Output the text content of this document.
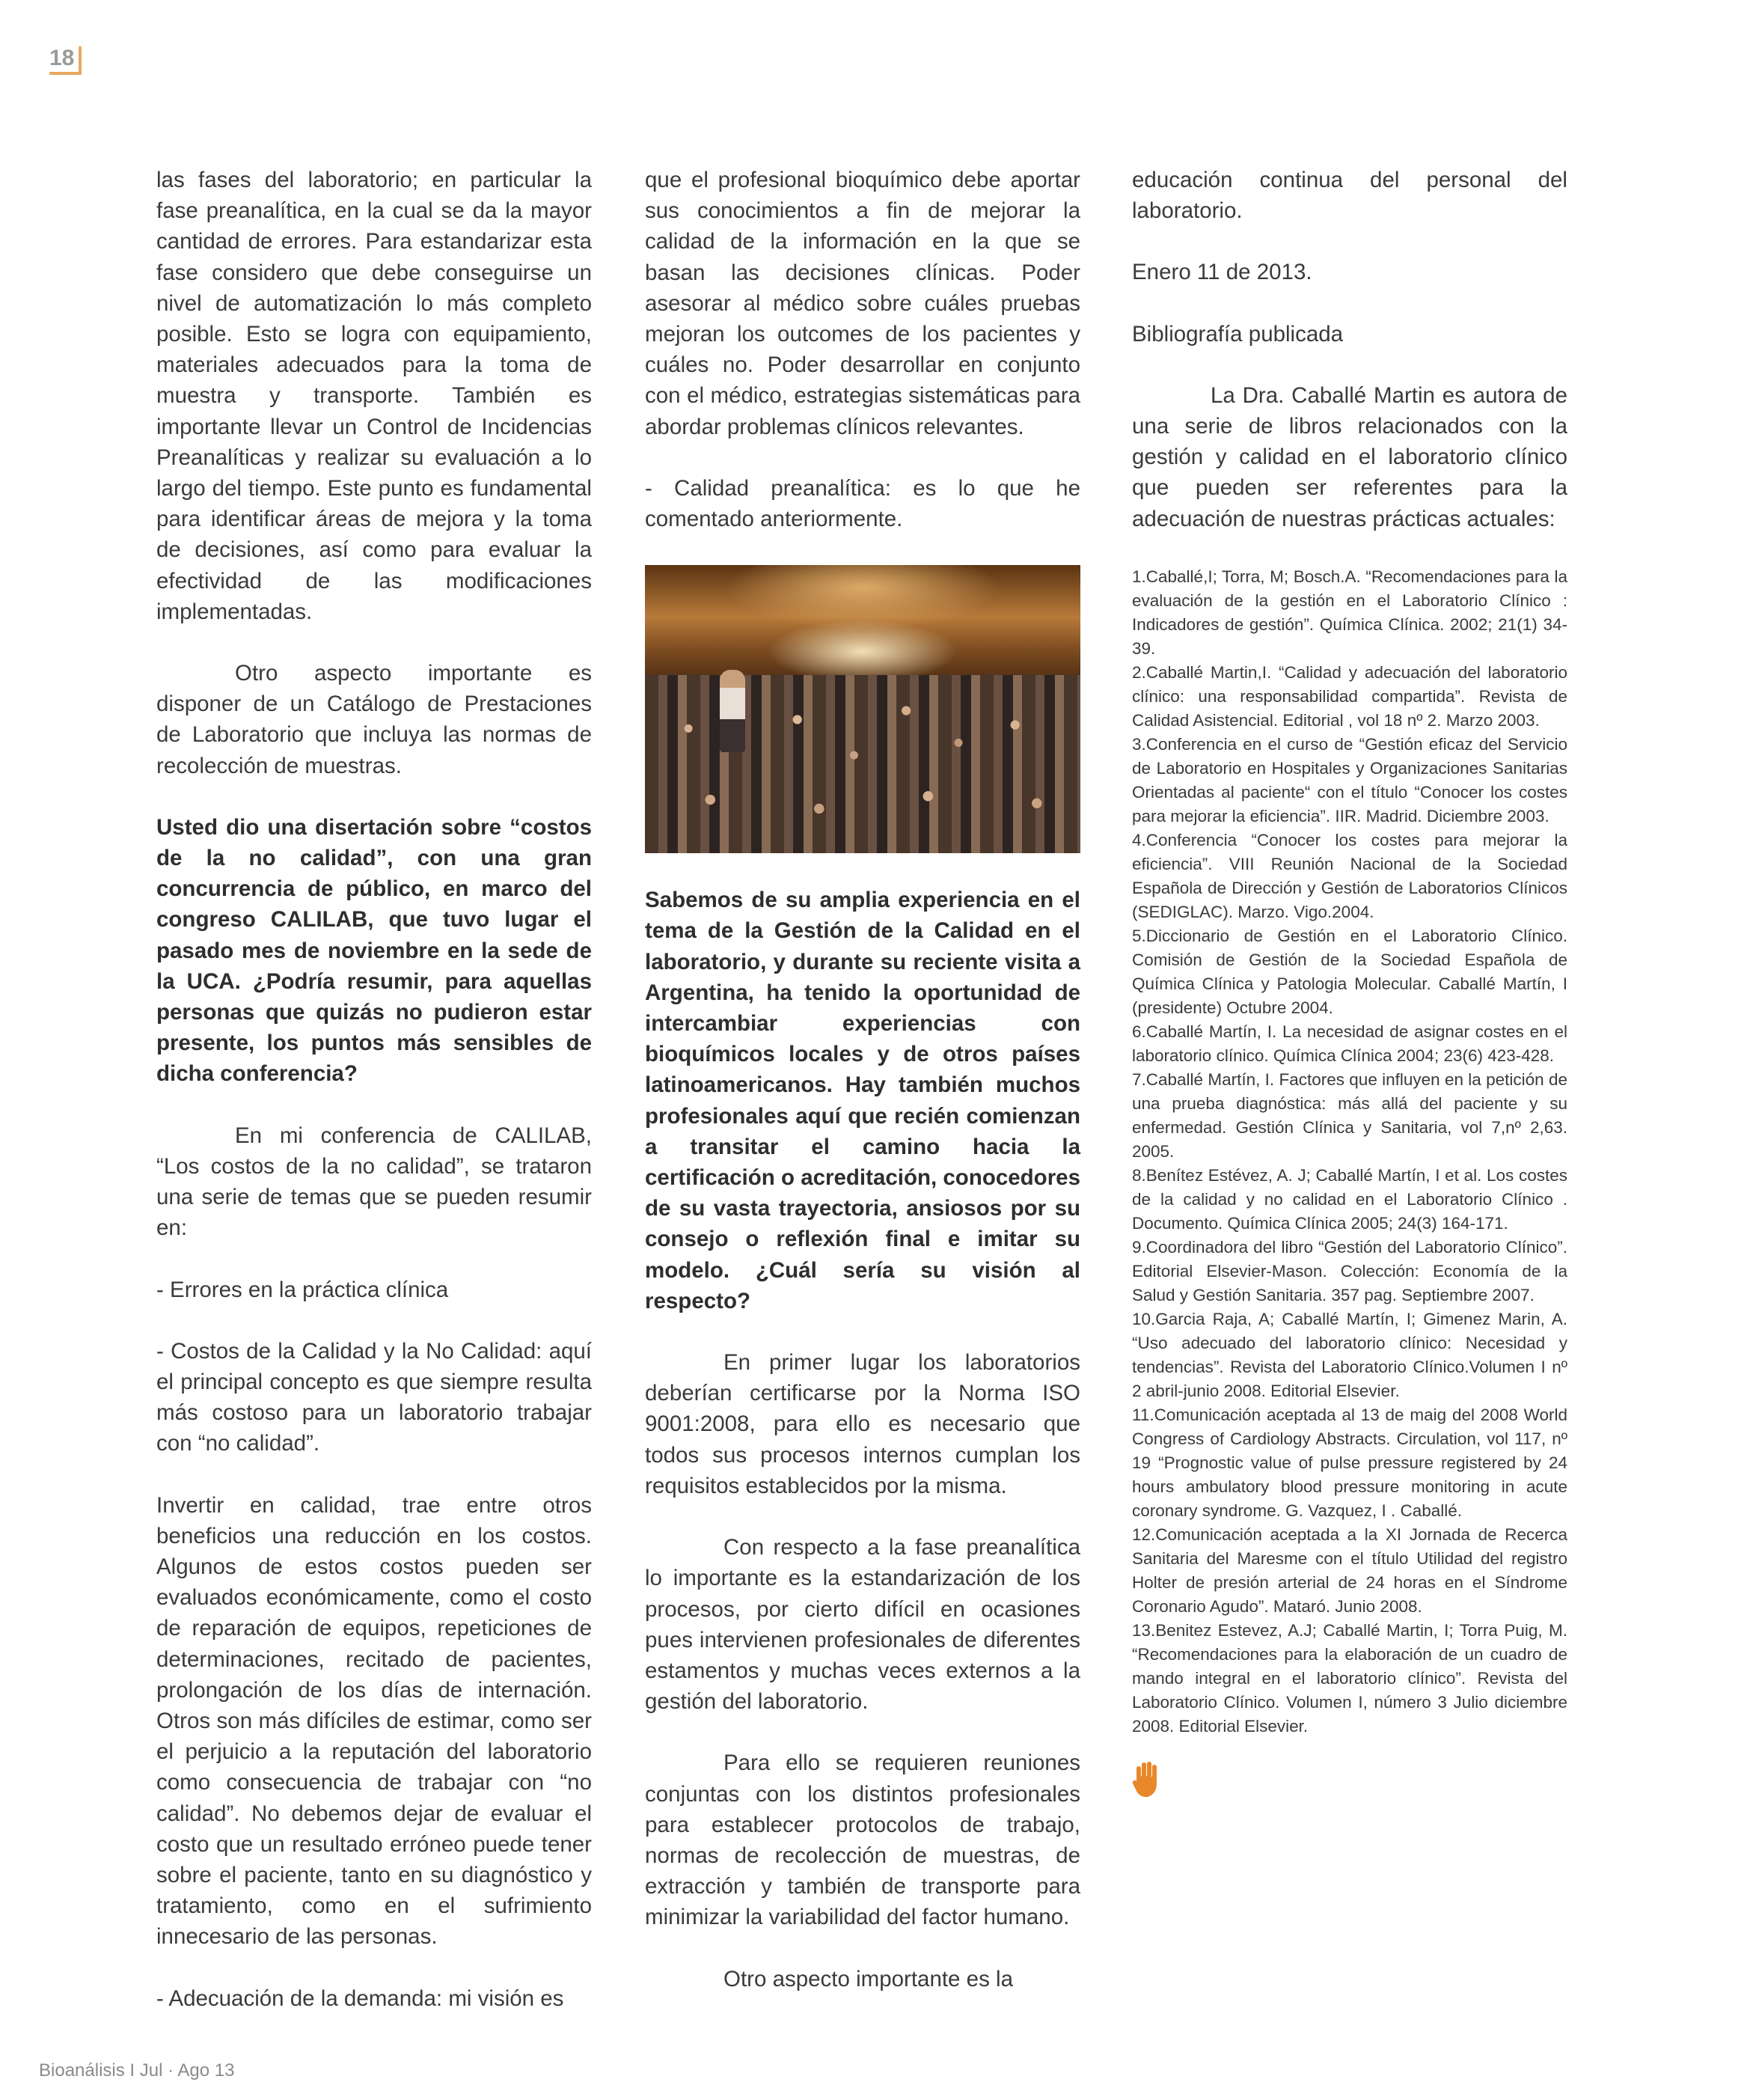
18

las fases del laboratorio; en particular la fase preanalítica, en la cual se da la mayor cantidad de errores. Para estandarizar esta fase considero que debe conseguirse un nivel de automatización lo más completo posible. Esto se logra con equipamiento, materiales adecuados para la toma de muestra y transporte. También es importante llevar un Control de Incidencias Preanalíticas y realizar su evaluación a lo largo del tiempo. Este punto es fundamental para identificar áreas de mejora y la toma de decisiones, así como para evaluar la efectividad de las modificaciones implementadas.

Otro aspecto importante es disponer de un Catálogo de Prestaciones de Laboratorio que incluya las normas de recolección de muestras.

Usted dio una disertación sobre “costos de la no calidad”, con una gran concurrencia de público, en marco del congreso CALILAB, que tuvo lugar el pasado mes de noviembre en la sede de la UCA. ¿Podría resumir, para aquellas personas que quizás no pudieron estar presente, los puntos más sensibles de dicha conferencia?

En mi conferencia de CALILAB, “Los costos de la no calidad”, se trataron una serie de temas que se pueden resumir en:

- Errores en la práctica clínica

- Costos de la Calidad y la No Calidad: aquí el principal concepto es que siempre resulta más costoso para un laboratorio trabajar con “no calidad”.

Invertir en calidad, trae entre otros beneficios una reducción en los costos. Algunos de estos costos pueden ser evaluados económicamente, como el costo de reparación de equipos, repeticiones de determinaciones, recitado de pacientes, prolongación de los días de internación. Otros son más difíciles de estimar, como ser el perjuicio a la reputación del laboratorio como consecuencia de trabajar con “no calidad”. No debemos dejar de evaluar el costo que un resultado erróneo puede tener sobre el paciente, tanto en su diagnóstico y tratamiento, como en el sufrimiento innecesario de las personas.

- Adecuación de la demanda: mi visión es

que el profesional bioquímico debe aportar sus conocimientos a fin de mejorar la calidad de la información en la que se basan las decisiones clínicas. Poder asesorar al médico sobre cuáles pruebas mejoran los outcomes de los pacientes y cuáles no. Poder desarrollar en conjunto con el médico, estrategias sistemáticas para abordar problemas clínicos relevantes.

- Calidad preanalítica: es lo que he comentado anteriormente.

Sabemos de su amplia experiencia en el tema de la Gestión de la Calidad en el laboratorio, y durante su reciente visita a Argentina, ha tenido la oportunidad de intercambiar experiencias con bioquímicos locales y de otros países latinoamericanos. Hay también muchos profesionales aquí que recién comienzan a transitar el camino hacia la certificación o acreditación, conocedores de su vasta trayectoria, ansiosos por su consejo o reflexión final e imitar su modelo. ¿Cuál sería su visión al respecto?

En primer lugar los laboratorios deberían certificarse por la Norma ISO 9001:2008, para ello es necesario que todos sus procesos internos cumplan los requisitos establecidos por la misma.

Con respecto a la fase preanalítica lo importante es la estandarización de los procesos, por cierto difícil en ocasiones pues intervienen profesionales de diferentes estamentos y muchas veces externos a la gestión del laboratorio.

Para ello se requieren reuniones conjuntas con los distintos profesionales para establecer protocolos de trabajo, normas de recolección de muestras, de extracción y también de transporte para minimizar la variabilidad del factor humano.

Otro aspecto importante es la

educación continua del personal del laboratorio.

Enero 11 de 2013.

Bibliografía publicada

La Dra. Caballé Martin es autora de una serie de libros relacionados con la gestión y calidad en el laboratorio clínico que pueden ser referentes para la adecuación de nuestras prácticas actuales:

1.Caballé,I; Torra, M; Bosch.A. “Recomendaciones para la evaluación de la gestión en el Laboratorio Clínico : Indicadores de gestión”. Química Clínica. 2002; 21(1) 34-39.

2.Caballé Martin,I. “Calidad y adecuación del laboratorio clínico: una responsabilidad compartida”. Revista de Calidad Asistencial. Editorial , vol 18 nº 2. Marzo 2003.

3.Conferencia en el curso de “Gestión eficaz del Servicio de Laboratorio en Hospitales y Organizaciones Sanitarias Orientadas al paciente“ con el título “Conocer los costes para mejorar la eficiencia”. IIR. Madrid. Diciembre 2003.

4.Conferencia “Conocer los costes para mejorar la eficiencia”. VIII Reunión Nacional de la Sociedad Española de Dirección y Gestión de Laboratorios Clínicos (SEDIGLAC). Marzo. Vigo.2004.

5.Diccionario de Gestión en el Laboratorio Clínico. Comisión de Gestión de la Sociedad Española de Química Clínica y Patologia Molecular. Caballé Martín, I (presidente) Octubre 2004.

6.Caballé Martín, I. La necesidad de asignar costes en el laboratorio clínico. Química Clínica 2004; 23(6) 423-428.

7.Caballé Martín, I. Factores que influyen en la petición de una prueba diagnóstica: más allá del paciente y su enfermedad. Gestión Clínica y Sanitaria, vol 7,nº 2,63. 2005.

8.Benítez Estévez, A. J; Caballé Martín, I et al. Los costes de la calidad y no calidad en el Laboratorio Clínico . Documento. Química Clínica 2005; 24(3) 164-171.

9.Coordinadora del libro “Gestión del Laboratorio Clínico”. Editorial Elsevier-Mason. Colección: Economía de la Salud y Gestión Sanitaria. 357 pag. Septiembre 2007.

10.Garcia Raja, A; Caballé Martín, I; Gimenez Marin, A. “Uso adecuado del laboratorio clínico: Necesidad y tendencias”. Revista del Laboratorio Clínico.Volumen I nº 2 abril-junio 2008. Editorial Elsevier.

11.Comunicación aceptada al 13 de maig del 2008 World Congress of Cardiology Abstracts. Circulation, vol 117, nº 19 “Prognostic value of pulse pressure registered by 24 hours ambulatory blood pressure monitoring in acute coronary syndrome. G. Vazquez, I . Caballé.

12.Comunicación aceptada a la XI Jornada de Recerca Sanitaria del Maresme con el título Utilidad del registro Holter de presión arterial de 24 horas en el Síndrome Coronario Agudo”. Mataró. Junio 2008.

13.Benitez Estevez, A.J; Caballé Martin, I; Torra Puig, M. “Recomendaciones para la elaboración de un cuadro de mando integral en el laboratorio clínico”. Revista del Laboratorio Clínico. Volumen I, número 3 Julio diciembre 2008. Editorial Elsevier.

Bioanálisis I Jul · Ago 13
